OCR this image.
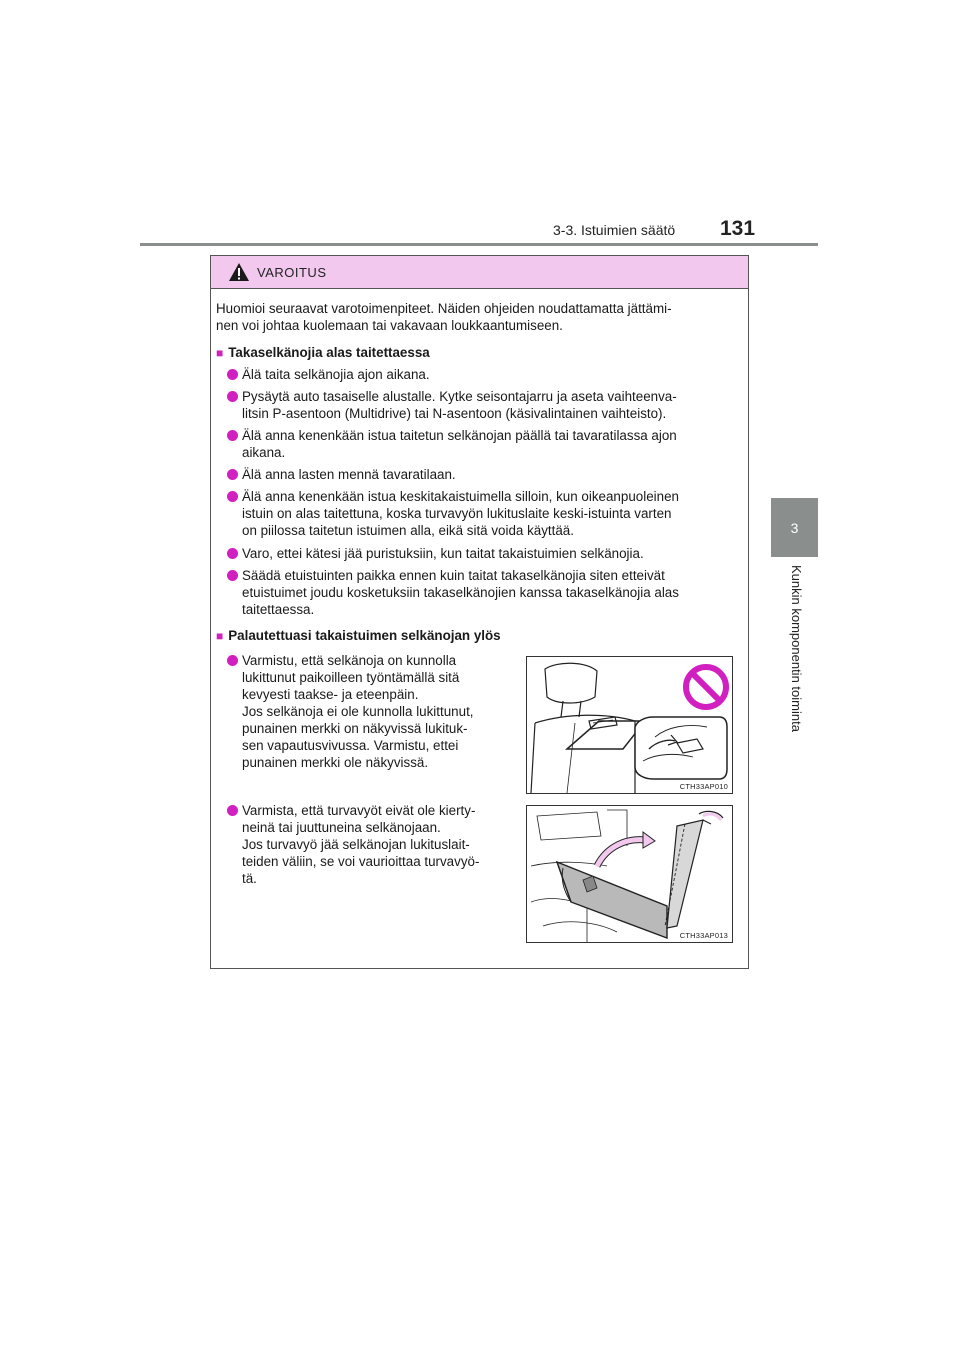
3-3. Istuimien säätö 131
3
Kunkin komponentin toiminta
VAROITUS
Huomioi seuraavat varotoimenpiteet. Näiden ohjeiden noudattamatta jättämi-
nen voi johtaa kuolemaan tai vakavaan loukkaantumiseen.
■ Takaselkänojia alas taitettaessa
Älä taita selkänojia ajon aikana.
Pysäytä auto tasaiselle alustalle. Kytke seisontajarru ja aseta vaihteenva-
litsin P-asentoon (Multidrive) tai N-asentoon (käsivalintainen vaihteisto).
Älä anna kenenkään istua taitetun selkänojan päällä tai tavaratilassa ajon
aikana.
Älä anna lasten mennä tavaratilaan.
Älä anna kenenkään istua keskitakaistuimella silloin, kun oikeanpuoleinen
istuin on alas taitettuna, koska turvavyön lukituslaite keski-istuinta varten
on piilossa taitetun istuimen alla, eikä sitä voida käyttää.
Varo, ettei kätesi jää puristuksiin, kun taitat takaistuimien selkänojia.
Säädä etuistuinten paikka ennen kuin taitat takaselkänojia siten etteivät
etuistuimet joudu kosketuksiin takaselkänojien kanssa takaselkänojia alas
taitettaessa.
■ Palautettuasi takaistuimen selkänojan ylös
Varmistu, että selkänoja on kunnolla
lukittunut paikoilleen työntämällä sitä
kevyesti taakse- ja eteenpäin.
Jos selkänoja ei ole kunnolla lukittunut,
punainen merkki on näkyvissä lukituk-
sen vapautusvivussa. Varmistu, ettei
punainen merkki ole näkyvissä.
Varmista, että turvavyöt eivät ole kierty-
neinä tai juuttuneina selkänojaan.
Jos turvavyö jää selkänojan lukituslait-
teiden väliin, se voi vaurioittaa turvavyö-
tä.
CTH33AP010
CTH33AP013
